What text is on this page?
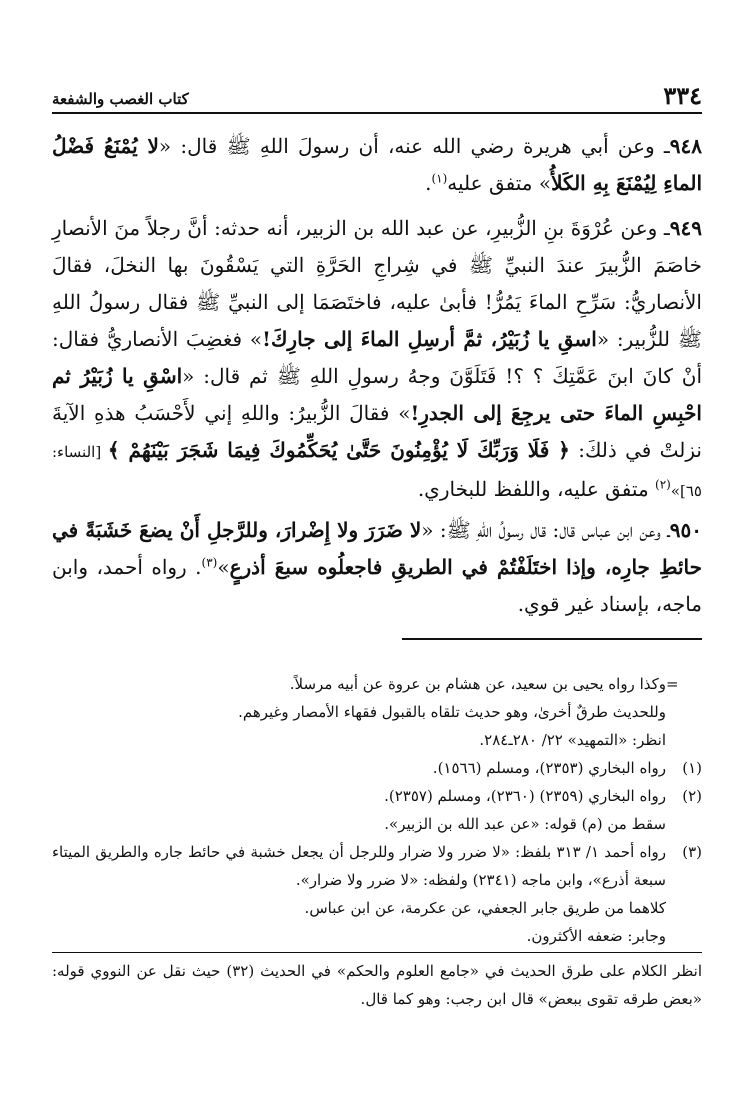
٣٣٤
كتاب الغصب والشفعة

٩٤٨ـ وعن أبي هريرة رضي الله عنه، أن رسولَ اللهِ ﷺ قال: «لا يُمْنَعُ فَضْلُ الماءِ لِيُمْنَعَ بِهِ الكَلأُ» متفق عليه$^{(١)}$.

٩٤٩ـ وعن عُرْوَةَ بنِ الزُّبيرِ، عن عبد الله بن الزبير، أنه حدثه: أنَّ رجلاً منَ الأنصارِ خاصَمَ الزُّبيرَ عندَ النبيِّ ﷺ في شِراجِ الحَرَّةِ التي يَسْقُونَ بها النخلَ، فقالَ الأنصاريُّ: سَرِّحِ الماءَ يَمُرُّ! فأبىٰ عليه، فاختَصَمَا إلى النبيِّ ﷺ فقال رسولُ اللهِ ﷺ للزُّبير: «اسقِ يا زُبَيْرُ، ثمَّ أرسِلِ الماءَ إلى جارِكَ!» فغضِبَ الأنصاريُّ فقال: أنْ كانَ ابنَ عَمَّتِكَ ؟ ؟! فَتَلَوَّنَ وجهُ رسولِ اللهِ ﷺ ثم قال: «اسْقِ يا زُبَيْرُ ثم احْبِسِ الماءَ حتى يرجِعَ إلى الجدرِ!» فقالَ الزُّبيرُ: واللهِ إني لأَحْسَبُ هذهِ الآيةَ نزلتْ في ذلكَ: ﴿ فَلَا وَرَبِّكَ لَا يُؤْمِنُونَ حَتَّىٰ يُحَكِّمُوكَ فِيمَا شَجَرَ بَيْنَهُمْ ﴾ [النساء: ٦٥]»$^{(٢)}$ متفق عليه، واللفظ للبخاري.

٩٥٠ـ وعن ابن عباس قال: قال رسولُ اللهِ ﷺ: «لا ضَرَرَ ولا إِضْرارَ، وللرَّجلِ أَنْ يضعَ خَشَبَةً في حائطِ جارِه، وإذا اختَلَفْتُمْ في الطريقِ فاجعلُوه سبعَ أذرعٍ»$^{(٣)}$. رواه أحمد، وابن ماجه، بإسناد غير قوي.

=
وكذا رواه يحيى بن سعيد، عن هشام بن عروة عن أبيه مرسلاً.
وللحديث طرقٌ أخرىٰ، وهو حديث تلقاه بالقبول فقهاء الأمصار وغيرهم.
انظر: «التمهيد» ٢٢/ ٢٨٠ـ٢٨٤.
(١)
رواه البخاري (٢٣٥٣)، ومسلم (١٥٦٦).
(٢)
رواه البخاري (٢٣٥٩) (٢٣٦٠)، ومسلم (٢٣٥٧).
سقط من (م) قوله: «عن عبد الله بن الزبير».
(٣)
رواه أحمد ١/ ٣١٣ بلفظ: «لا ضرر ولا ضرار وللرجل أن يجعل خشبة في حائط جاره والطريق الميتاء سبعة أذرع»، وابن ماجه (٢٣٤١) ولفظه: «لا ضرر ولا ضرار».
كلاهما من طريق جابر الجعفي، عن عكرمة، عن ابن عباس.
وجابر: ضعفه الأكثرون.
انظر الكلام على طرق الحديث في «جامع العلوم والحكم» في الحديث (٣٢) حيث نقل عن النووي قوله: «بعض طرقه تقوى ببعض» قال ابن رجب: وهو كما قال.
